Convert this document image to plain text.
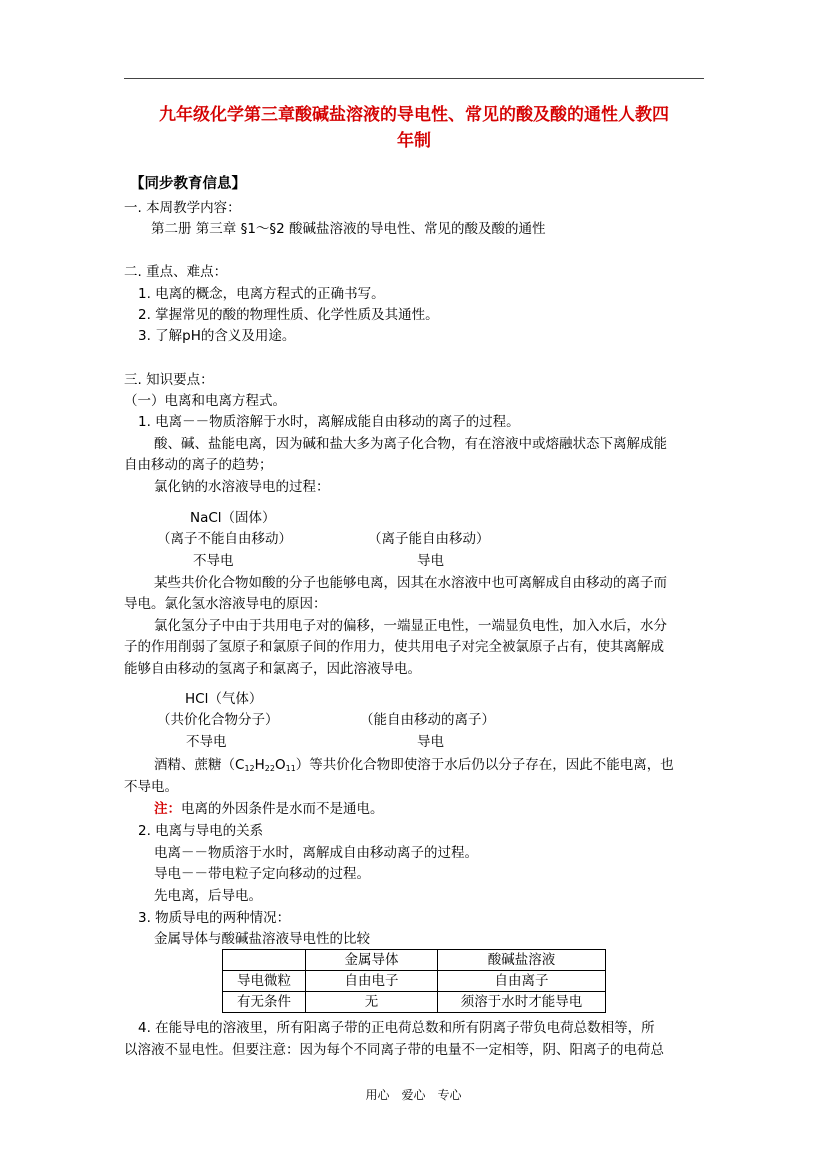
九年级化学第三章酸碱盐溶液的导电性、常见的酸及酸的通性人教四
年制
【同步教育信息】
一. 本周教学内容：
第二册 第三章 §1～§2 酸碱盐溶液的导电性、常见的酸及酸的通性
二. 重点、难点：
1. 电离的概念，电离方程式的正确书写。
2. 掌握常见的酸的物理性质、化学性质及其通性。
3. 了解pH的含义及用途。
三. 知识要点：
（一）电离和电离方程式。
1. 电离－－物质溶解于水时，离解成能自由移动的离子的过程。
酸、碱、盐能电离，因为碱和盐大多为离子化合物，有在溶液中或熔融状态下离解成能
自由移动的离子的趋势；
氯化钠的水溶液导电的过程：
NaCl（固体）
（离子不能自由移动）	（离子能自由移动）
不导电	导电
某些共价化合物如酸的分子也能够电离，因其在水溶液中也可离解成自由移动的离子而
导电。氯化氢水溶液导电的原因：
氯化氢分子中由于共用电子对的偏移，一端显正电性，一端显负电性，加入水后，水分
子的作用削弱了氢原子和氯原子间的作用力，使共用电子对完全被氯原子占有，使其离解成
能够自由移动的氢离子和氯离子，因此溶液导电。
HCl（气体）
（共价化合物分子）	（能自由移动的离子）
不导电	导电
酒精、蔗糖$(C_{12}H_{22}O_{11})$等共价化合物即使溶于水后仍以分子存在，因此不能电离，也
不导电。
注：电离的外因条件是水而不是通电。
2. 电离与导电的关系
电离－－物质溶于水时，离解成自由移动离子的过程。
导电－－带电粒子定向移动的过程。
先电离，后导电。
3. 物质导电的两种情况：
金属导体与酸碱盐溶液导电性的比较
	金属导体	酸碱盐溶液
导电微粒	自由电子	自由离子
有无条件	无	须溶于水时才能导电
4. 在能导电的溶液里，所有阳离子带的正电荷总数和所有阴离子带负电荷总数相等，所
以溶液不显电性。但要注意：因为每个不同离子带的电量不一定相等，阴、阳离子的电荷总
用心　爱心　专心
